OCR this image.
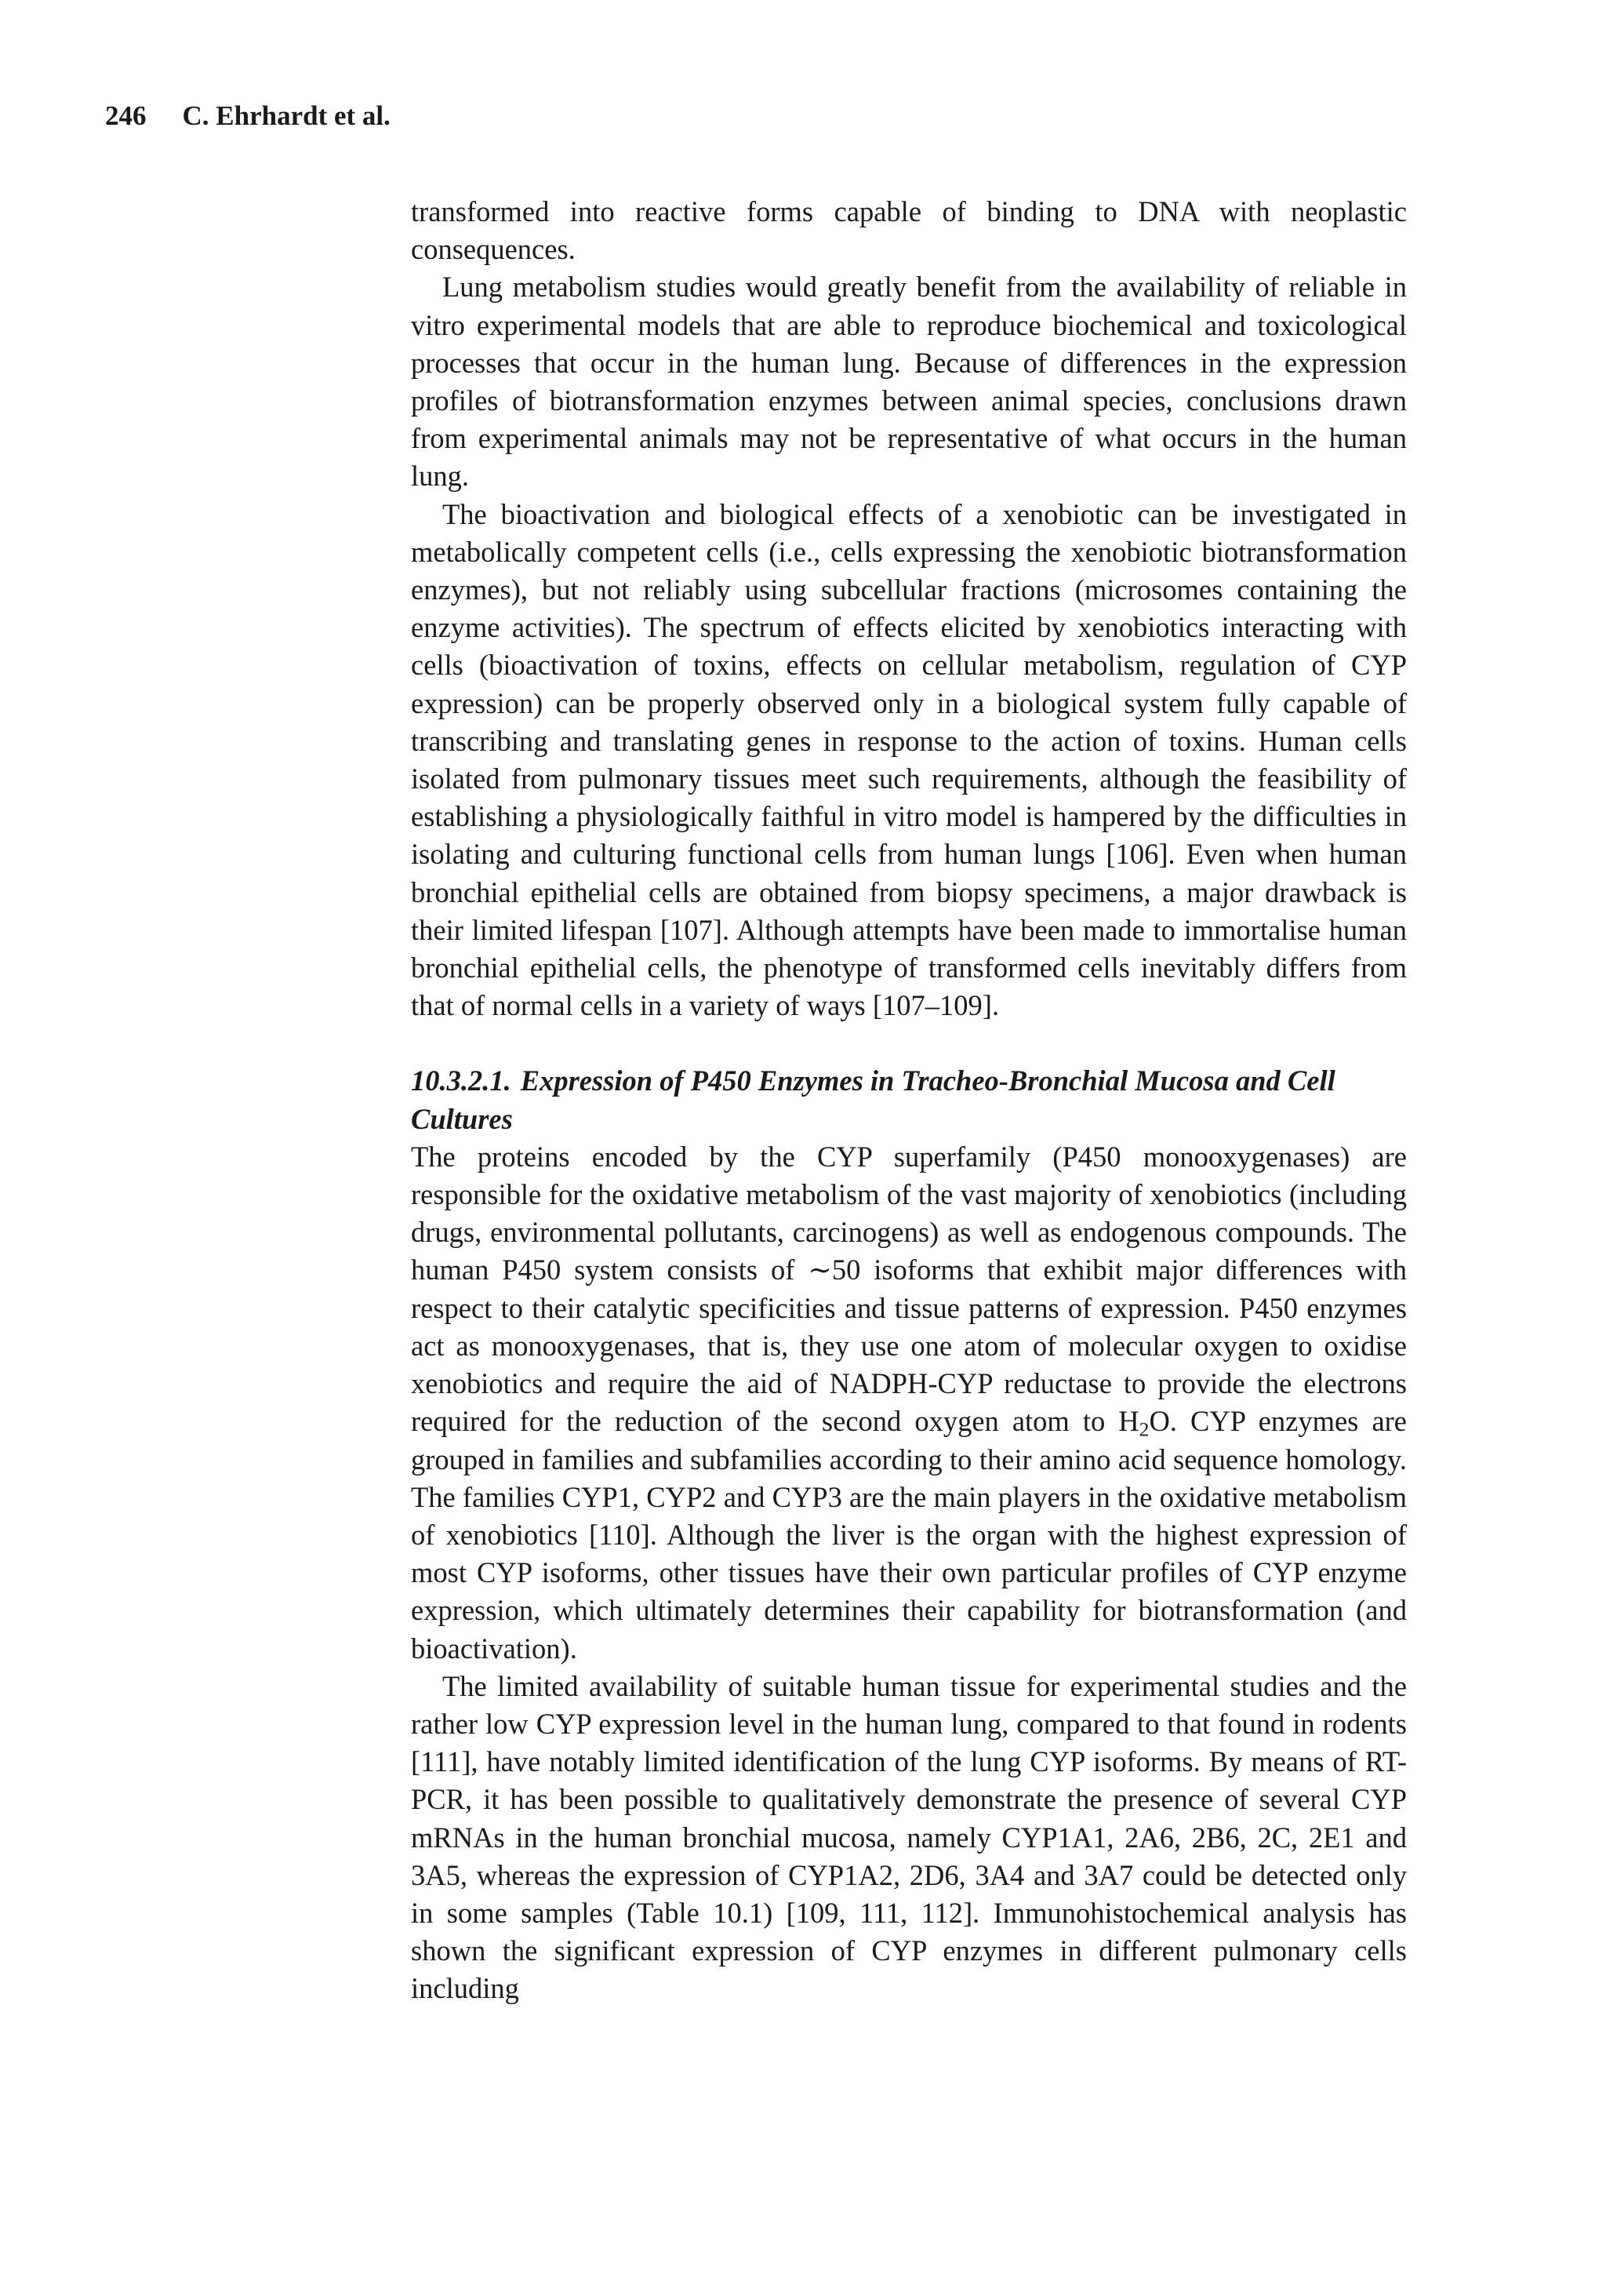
246 C. Ehrhardt et al.

transformed into reactive forms capable of binding to DNA with neoplastic consequences.

Lung metabolism studies would greatly benefit from the availability of reliable in vitro experimental models that are able to reproduce biochemical and toxicological processes that occur in the human lung. Because of differences in the expression profiles of biotransformation enzymes between animal species, conclusions drawn from experimental animals may not be representative of what occurs in the human lung.

The bioactivation and biological effects of a xenobiotic can be investigated in metabolically competent cells (i.e., cells expressing the xenobiotic biotransformation enzymes), but not reliably using subcellular fractions (microsomes containing the enzyme activities). The spectrum of effects elicited by xenobiotics interacting with cells (bioactivation of toxins, effects on cellular metabolism, regulation of CYP expression) can be properly observed only in a biological system fully capable of transcribing and translating genes in response to the action of toxins. Human cells isolated from pulmonary tissues meet such requirements, although the feasibility of establishing a physiologically faithful in vitro model is hampered by the difficulties in isolating and culturing functional cells from human lungs [106]. Even when human bronchial epithelial cells are obtained from biopsy specimens, a major drawback is their limited lifespan [107]. Although attempts have been made to immortalise human bronchial epithelial cells, the phenotype of transformed cells inevitably differs from that of normal cells in a variety of ways [107–109].

10.3.2.1. Expression of P450 Enzymes in Tracheo-Bronchial Mucosa and Cell Cultures

The proteins encoded by the CYP superfamily (P450 monooxygenases) are responsible for the oxidative metabolism of the vast majority of xenobiotics (including drugs, environmental pollutants, carcinogens) as well as endogenous compounds. The human P450 system consists of ∼50 isoforms that exhibit major differences with respect to their catalytic specificities and tissue patterns of expression. P450 enzymes act as monooxygenases, that is, they use one atom of molecular oxygen to oxidise xenobiotics and require the aid of NADPH-CYP reductase to provide the electrons required for the reduction of the second oxygen atom to $H_2O$. CYP enzymes are grouped in families and subfamilies according to their amino acid sequence homology. The families CYP1, CYP2 and CYP3 are the main players in the oxidative metabolism of xenobiotics [110]. Although the liver is the organ with the highest expression of most CYP isoforms, other tissues have their own particular profiles of CYP enzyme expression, which ultimately determines their capability for biotransformation (and bioactivation).

The limited availability of suitable human tissue for experimental studies and the rather low CYP expression level in the human lung, compared to that found in rodents [111], have notably limited identification of the lung CYP isoforms. By means of RT-PCR, it has been possible to qualitatively demonstrate the presence of several CYP mRNAs in the human bronchial mucosa, namely CYP1A1, 2A6, 2B6, 2C, 2E1 and 3A5, whereas the expression of CYP1A2, 2D6, 3A4 and 3A7 could be detected only in some samples (Table 10.1) [109, 111, 112]. Immunohistochemical analysis has shown the significant expression of CYP enzymes in different pulmonary cells including
